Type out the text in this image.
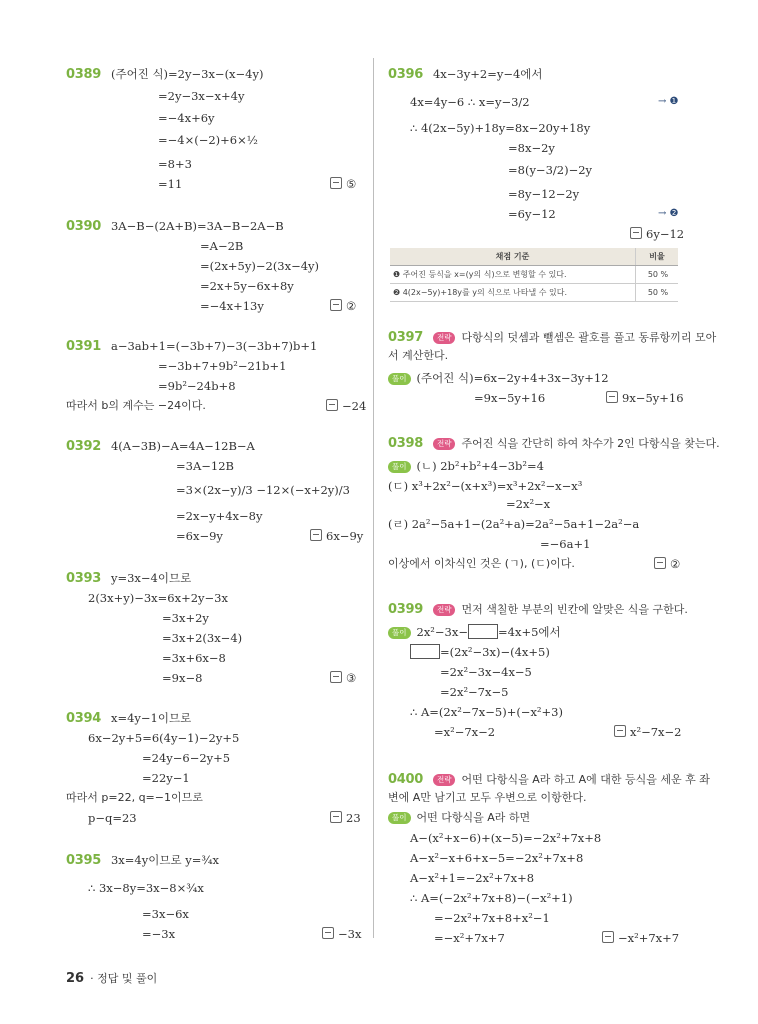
0389 (주어진 식)=2y−3x−(x−4y)
=2y−3x−x+4y
=−4x+6y
=−4×(−2)+6×½
=8+3
=11	⑤
0390 3A−B−(2A+B)=3A−B−2A−B
=A−2B
=(2x+5y)−2(3x−4y)
=2x+5y−6x+8y
=−4x+13y	②
0391 a−3ab+1=(−3b+7)−3(−3b+7)b+1
=−3b+7+9b²−21b+1
=9b²−24b+8
따라서 b의 계수는 −24이다.	−24
0392 4(A−3B)−A=4A−12B−A
=3A−12B
=3×(2x−y)/3 −12×(−x+2y)/3
=2x−y+4x−8y
=6x−9y	6x−9y
0393 y=3x−4이므로
2(3x+y)−3x=6x+2y−3x
=3x+2y
=3x+2(3x−4)
=3x+6x−8
=9x−8	③
0394 x=4y−1이므로
6x−2y+5=6(4y−1)−2y+5
=24y−6−2y+5
=22y−1
따라서 p=22, q=−1이므로
p−q=23	23
0395 3x=4y이므로 y=¾x
∴ 3x−8y=3x−8×¾x
=3x−6x
=−3x	−3x
0396 4x−3y+2=y−4에서
4x=4y−6 ∴ x=y−3/2	→ ❶
∴ 4(2x−5y)+18y=8x−20y+18y
=8x−2y
=8(y−3/2)−2y
=8y−12−2y
=6y−12	→ ❷
6y−12
0397 전략 다항식의 덧셈과 뺄셈은 괄호를 풀고 동류항끼리 모아
서 계산한다.
풀이 (주어진 식)=6x−2y+4+3x−3y+12
=9x−5y+16	9x−5y+16
0398 전략 주어진 식을 간단히 하여 차수가 2인 다항식을 찾는다.
풀이 (ㄴ) 2b²+b²+4−3b²=4
(ㄷ) x³+2x²−(x+x³)=x³+2x²−x−x³
=2x²−x
(ㄹ) 2a²−5a+1−(2a²+a)=2a²−5a+1−2a²−a
=−6a+1
이상에서 이차식인 것은 (ㄱ), (ㄷ)이다.	②
0399 전략 먼저 색칠한 부분의 빈칸에 알맞은 식을 구한다.
풀이 2x²−3x−	=4x+5에서
=(2x²−3x)−(4x+5)
=2x²−3x−4x−5
=2x²−7x−5
∴ A=(2x²−7x−5)+(−x²+3)
=x²−7x−2	x²−7x−2
0400 전략 어떤 다항식을 A라 하고 A에 대한 등식을 세운 후 좌
변에 A만 남기고 모두 우변으로 이항한다.
풀이 어떤 다항식을 A라 하면
A−(x²+x−6)+(x−5)=−2x²+7x+8
A−x²−x+6+x−5=−2x²+7x+8
A−x²+1=−2x²+7x+8
∴ A=(−2x²+7x+8)−(−x²+1)
=−2x²+7x+8+x²−1
=−x²+7x+7	−x²+7x+7
채점 기준	비율
❶ 주어진 등식을 x=(y의 식)으로 변형할 수 있다.	50 %
❷ 4(2x−5y)+18y를 y의 식으로 나타낼 수 있다.	50 %
26 · 정답 및 풀이
